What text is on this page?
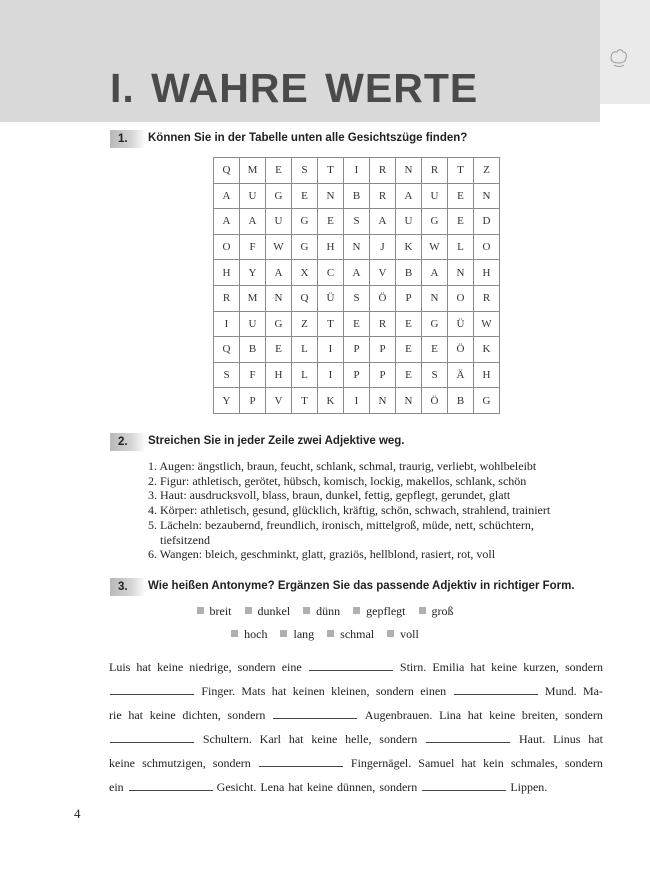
I. WAHRE WERTE
1.	Können Sie in der Tabelle unten alle Gesichtszüge finden?
Q	M	E	S	T	I	R	N	R	T	Z
A	U	G	E	N	B	R	A	U	E	N
A	A	U	G	E	S	A	U	G	E	D
O	F	W	G	H	N	J	K	W	L	O
H	Y	A	X	C	A	V	B	A	N	H
R	M	N	Q	Ü	S	Ö	P	N	O	R
I	U	G	Z	T	E	R	E	G	Ü	W
Q	B	E	L	I	P	P	E	E	Ö	K
S	F	H	L	I	P	P	E	S	Ä	H
Y	P	V	T	K	I	N	N	Ö	B	G
2.	Streichen Sie in jeder Zeile zwei Adjektive weg.
1. Augen: ängstlich, braun, feucht, schlank, schmal, traurig, verliebt, wohlbeleibt
2. Figur: athletisch, gerötet, hübsch, komisch, lockig, makellos, schlank, schön
3. Haut: ausdrucksvoll, blass, braun, dunkel, fettig, gepflegt, gerundet, glatt
4. Körper: athletisch, gesund, glücklich, kräftig, schön, schwach, strahlend, trainiert
5. Lächeln: bezaubernd, freundlich, ironisch, mittelgroß, müde, nett, schüchtern,
tiefsitzend
6. Wangen: bleich, geschminkt, glatt, graziös, hellblond, rasiert, rot, voll
3.	Wie heißen Antonyme? Ergänzen Sie das passende Adjektiv in richtiger Form.
breit dunkel dünn gepflegt groß
hoch lang schmal voll
Luis hat keine niedrige, sondern eine	Stirn. Emilia hat keine kurzen, sondern
Finger. Mats hat keinen kleinen, sondern einen	Mund. Ma-
rie hat keine dichten, sondern	Augenbrauen. Lina hat keine breiten, sondern
Schultern. Karl hat keine helle, sondern	Haut. Linus hat
keine schmutzigen, sondern	Fingernägel. Samuel hat kein schmales, sondern
ein	Gesicht. Lena hat keine dünnen, sondern	Lippen.
4
